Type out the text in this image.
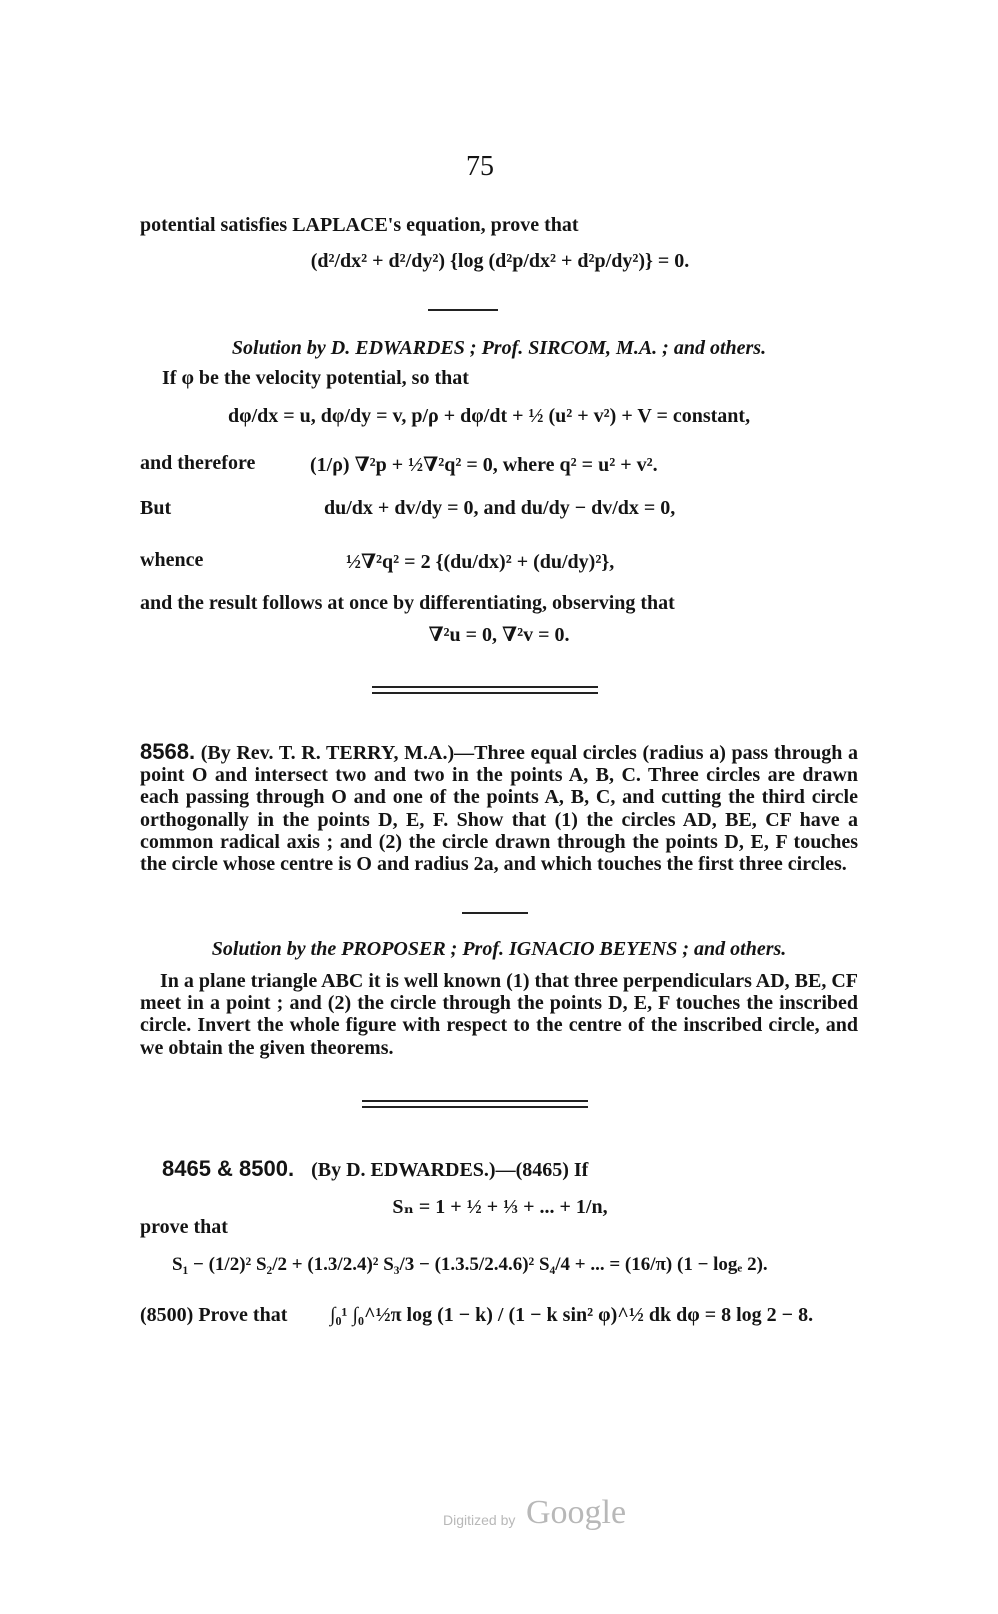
75
potential satisfies LAPLACE's equation, prove that
(d²/dx² + d²/dy²) {log (d²p/dx² + d²p/dy²)} = 0.
Solution by D. EDWARDES ; Prof. SIRCOM, M.A. ; and others.
If φ be the velocity potential, so that
dφ/dx = u, dφ/dy = v, p/ρ + dφ/dt + ½ (u² + v²) + V = constant,
and therefore	(1/ρ) ∇²p + ½∇²q² = 0, where q² = u² + v².
But	du/dx + dv/dy = 0, and du/dy − dv/dx = 0,
whence	½∇²q² = 2 {(du/dx)² + (du/dy)²},
and the result follows at once by differentiating, observing that
∇²u = 0, ∇²v = 0.
8568. (By Rev. T. R. TERRY, M.A.)—Three equal circles (radius a) pass through a point O and intersect two and two in the points A, B, C. Three circles are drawn each passing through O and one of the points A, B, C, and cutting the third circle orthogonally in the points D, E, F. Show that (1) the circles AD, BE, CF have a common radical axis ; and (2) the circle drawn through the points D, E, F touches the circle whose centre is O and radius 2a, and which touches the first three circles.
Solution by the PROPOSER ; Prof. IGNACIO BEYENS ; and others.
In a plane triangle ABC it is well known (1) that three perpendiculars AD, BE, CF meet in a point ; and (2) the circle through the points D, E, F touches the inscribed circle. Invert the whole figure with respect to the centre of the inscribed circle, and we obtain the given theorems.
8465 & 8500. (By D. EDWARDES.)—(8465) If
Sₙ = 1 + ½ + ⅓ + ... + 1/n,
prove that
S₁ − (1/2)² S₂/2 + (1.3/2.4)² S₃/3 − (1.3.5/2.4.6)² S₄/4 + ... = (16/π) (1 − logₑ 2).
(8500) Prove that ∫₀¹ ∫₀^½π log (1 − k) / (1 − k sin² φ)^½ dk dφ = 8 log 2 − 8.
Digitized by Google
